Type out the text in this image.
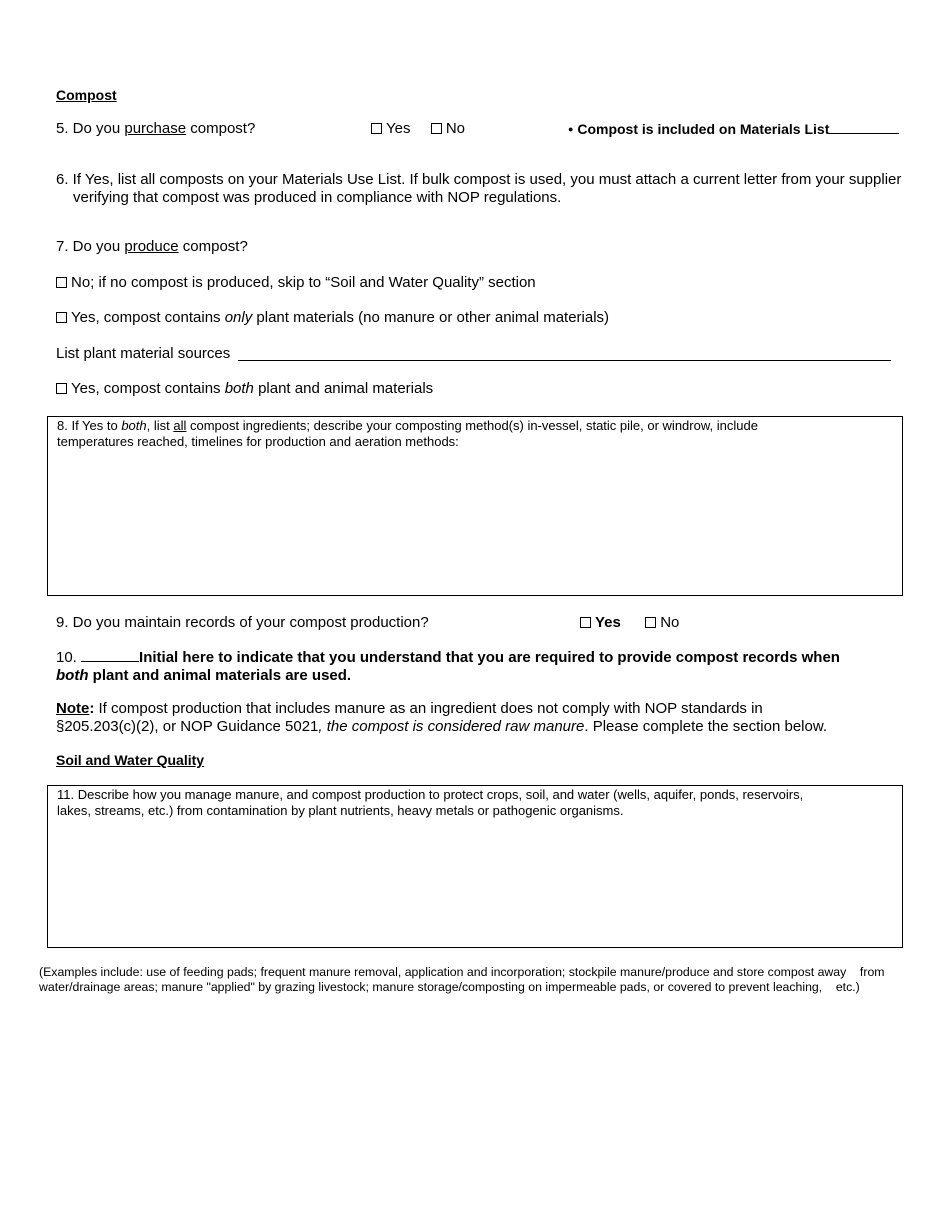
Compost
5. Do you purchase compost?	Yes No	● Compost is included on Materials List
6. If Yes, list all composts on your Materials Use List. If bulk compost is used, you must attach a current letter from your supplier
verifying that compost was produced in compliance with NOP regulations.
7. Do you produce compost?
No; if no compost is produced, skip to “Soil and Water Quality” section
Yes, compost contains only plant materials (no manure or other animal materials)
List plant material sources
Yes, compost contains both plant and animal materials
8. If Yes to both, list all compost ingredients; describe your composting method(s) in-vessel, static pile, or windrow, include
temperatures reached, timelines for production and aeration methods:
9. Do you maintain records of your compost production?	Yes	No
10.	Initial here to indicate that you understand that you are required to provide compost records when
both plant and animal materials are used.
Note: If compost production that includes manure as an ingredient does not comply with NOP standards in
§205.203(c)(2), or NOP Guidance 5021, the compost is considered raw manure. Please complete the section below.
Soil and Water Quality
11. Describe how you manage manure, and compost production to protect crops, soil, and water (wells, aquifer, ponds, reservoirs,
lakes, streams, etc.) from contamination by plant nutrients, heavy metals or pathogenic organisms.
(Examples include: use of feeding pads; frequent manure removal, application and incorporation; stockpile manure/produce and store compost away    from
water/drainage areas; manure "applied" by grazing livestock; manure storage/composting on impermeable pads, or covered to prevent leaching,    etc.)
